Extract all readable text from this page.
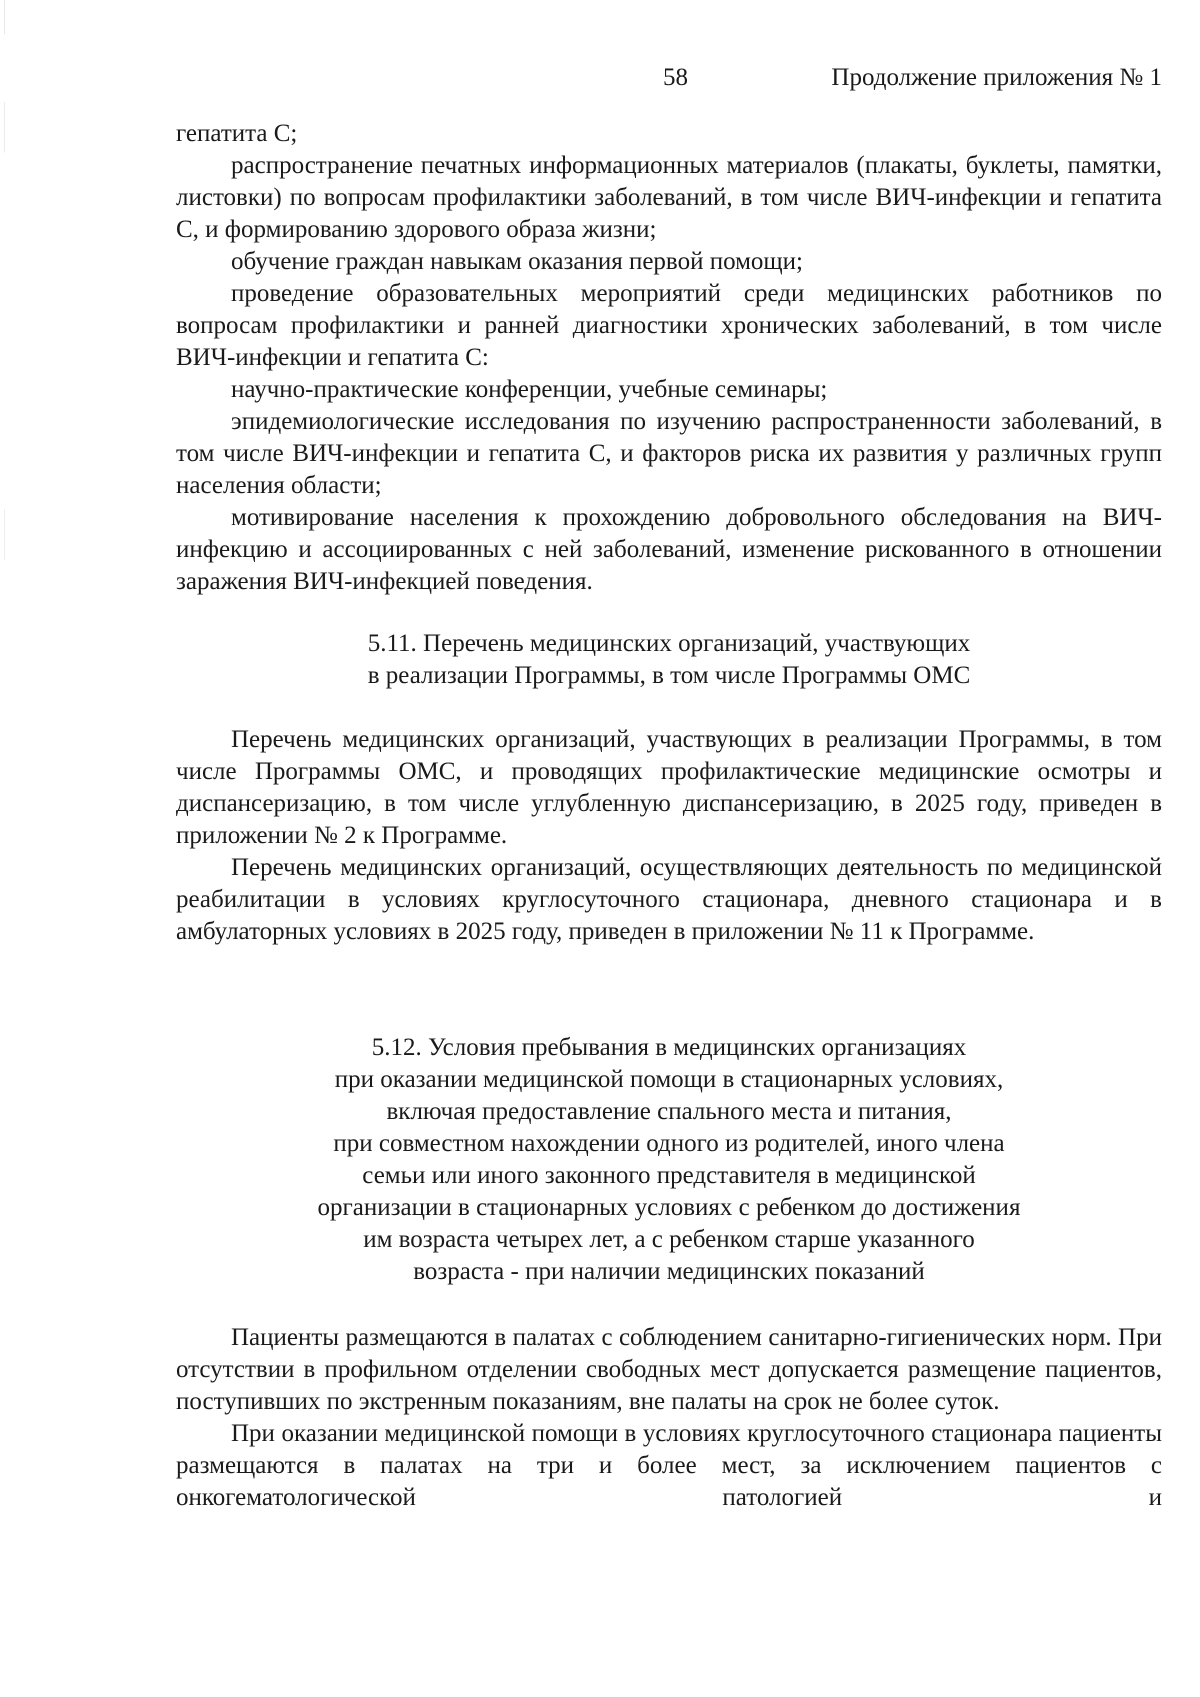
58	Продолжение приложения № 1

гепатита С;

распространение печатных информационных материалов (плакаты, буклеты, памятки, листовки) по вопросам профилактики заболеваний, в том числе ВИЧ-инфекции и гепатита С, и формированию здорового образа жизни;

обучение граждан навыкам оказания первой помощи;

проведение образовательных мероприятий среди медицинских работников по вопросам профилактики и ранней диагностики хронических заболеваний, в том числе ВИЧ-инфекции и гепатита С:

научно-практические конференции, учебные семинары;

эпидемиологические исследования по изучению распространенности заболеваний, в том числе ВИЧ-инфекции и гепатита С, и факторов риска их развития у различных групп населения области;

мотивирование населения к прохождению добровольного обследования на ВИЧ-инфекцию и ассоциированных с ней заболеваний, изменение рискованного в отношении заражения ВИЧ-инфекцией поведения.

5.11. Перечень медицинских организаций, участвующих
в реализации Программы, в том числе Программы ОМС

Перечень медицинских организаций, участвующих в реализации Программы, в том числе Программы ОМС, и проводящих профилактические медицинские осмотры и диспансеризацию, в том числе углубленную диспансеризацию, в 2025 году, приведен в приложении № 2 к Программе.

Перечень медицинских организаций, осуществляющих деятельность по медицинской реабилитации в условиях круглосуточного стационара, дневного стационара и в амбулаторных условиях в 2025 году, приведен в приложении № 11 к Программе.

5.12. Условия пребывания в медицинских организациях
при оказании медицинской помощи в стационарных условиях,
включая предоставление спального места и питания,
при совместном нахождении одного из родителей, иного члена
семьи или иного законного представителя в медицинской
организации в стационарных условиях с ребенком до достижения
им возраста четырех лет, а с ребенком старше указанного
возраста - при наличии медицинских показаний

Пациенты размещаются в палатах с соблюдением санитарно-гигиенических норм. При отсутствии в профильном отделении свободных мест допускается размещение пациентов, поступивших по экстренным показаниям, вне палаты на срок не более суток.

При оказании медицинской помощи в условиях круглосуточного стационара пациенты размещаются в палатах на три и более мест, за исключением пациентов с онкогематологической патологией и
